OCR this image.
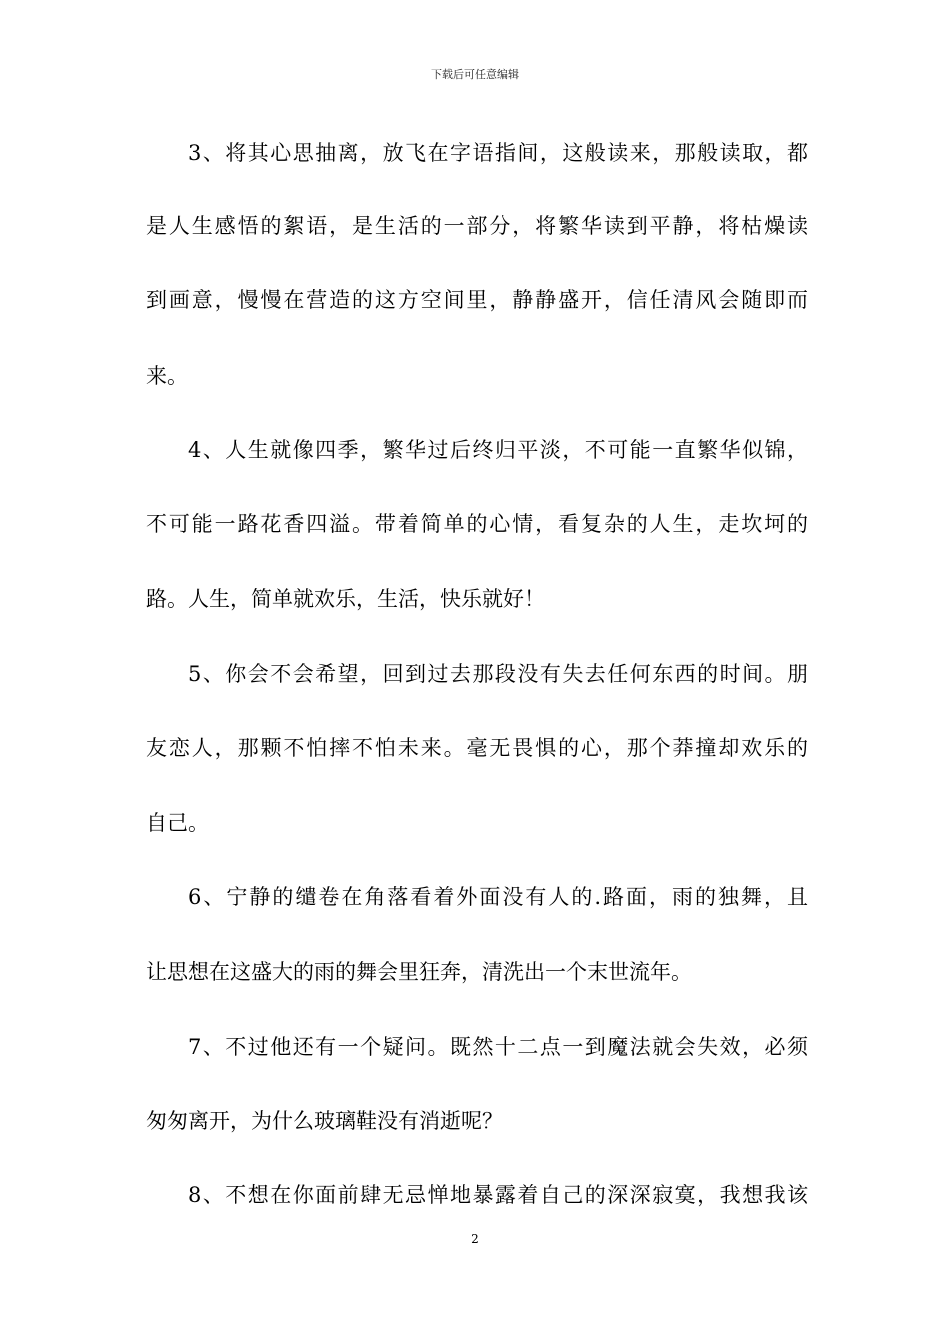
下载后可任意编辑
3、将其心思抽离，放飞在字语指间，这般读来，那般读取，都
是人生感悟的絮语，是生活的一部分，将繁华读到平静，将枯燥读
到画意，慢慢在营造的这方空间里，静静盛开，信任清风会随即而
来。
4、人生就像四季，繁华过后终归平淡，不可能一直繁华似锦，
不可能一路花香四溢。带着简单的心情，看复杂的人生，走坎坷的
路。人生，简单就欢乐，生活，快乐就好！
5、你会不会希望，回到过去那段没有失去任何东西的时间。朋
友恋人，那颗不怕摔不怕未来。毫无畏惧的心，那个莽撞却欢乐的
自己。
6、宁静的缱卷在角落看着外面没有人的.路面，雨的独舞，且
让思想在这盛大的雨的舞会里狂奔，清洗出一个末世流年。
7、不过他还有一个疑问。既然十二点一到魔法就会失效，必须
匆匆离开，为什么玻璃鞋没有消逝呢？
8、不想在你面前肆无忌惮地暴露着自己的深深寂寞，我想我该
2
